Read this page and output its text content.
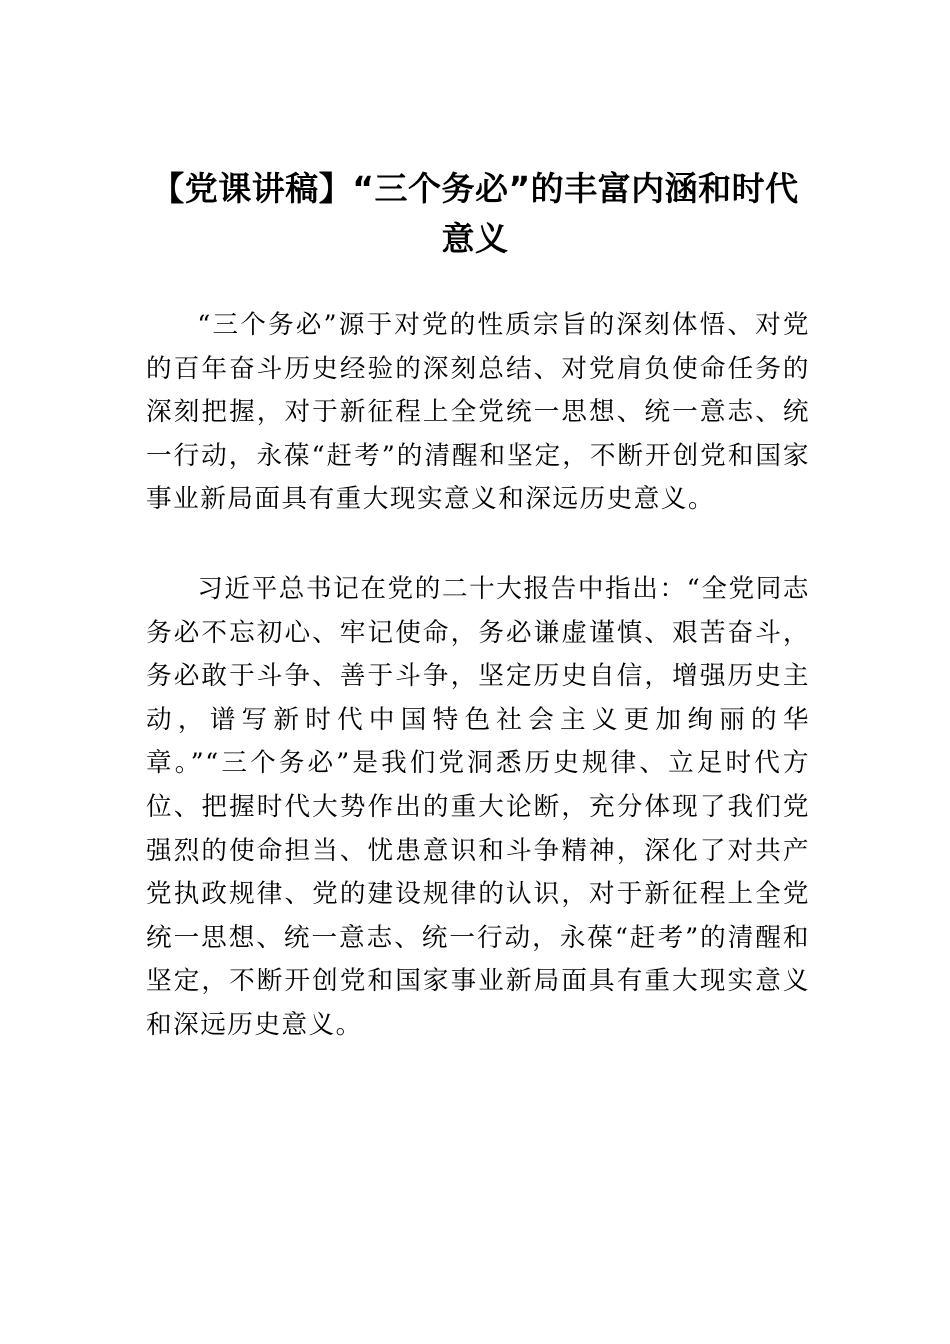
【党课讲稿】“三个务必”的丰富内涵和时代意义

“三个务必”源于对党的性质宗旨的深刻体悟、对党的百年奋斗历史经验的深刻总结、对党肩负使命任务的深刻把握，对于新征程上全党统一思想、统一意志、统一行动，永葆“赶考”的清醒和坚定，不断开创党和国家事业新局面具有重大现实意义和深远历史意义。

习近平总书记在党的二十大报告中指出：“全党同志务必不忘初心、牢记使命，务必谦虚谨慎、艰苦奋斗，务必敢于斗争、善于斗争，坚定历史自信，增强历史主动，谱写新时代中国特色社会主义更加绚丽的华章。”“三个务必”是我们党洞悉历史规律、立足时代方位、把握时代大势作出的重大论断，充分体现了我们党强烈的使命担当、忧患意识和斗争精神，深化了对共产党执政规律、党的建设规律的认识，对于新征程上全党统一思想、统一意志、统一行动，永葆“赶考”的清醒和坚定，不断开创党和国家事业新局面具有重大现实意义和深远历史意义。
